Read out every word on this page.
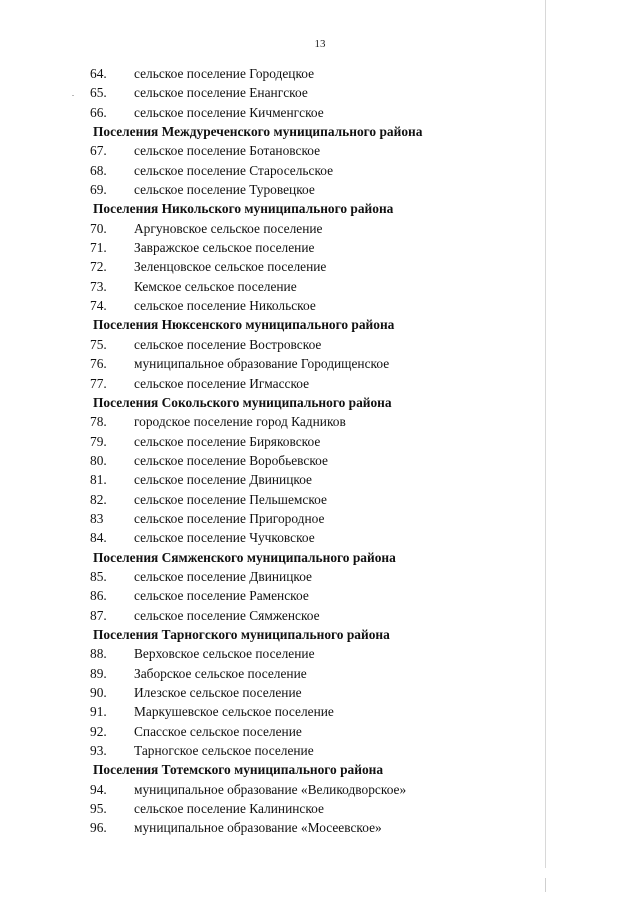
13
64.	сельское поселение Городецкое
65.	сельское поселение Енангское
66.	сельское поселение Кичменгское
Поселения Междуреченского муниципального района
67.	сельское поселение Ботановское
68.	сельское поселение Старосельское
69.	сельское поселение Туровецкое
Поселения Никольского муниципального района
70.	Аргуновское сельское поселение
71.	Завражское сельское поселение
72.	Зеленцовское сельское поселение
73.	Кемское сельское поселение
74.	сельское поселение Никольское
Поселения Нюксенского муниципального района
75.	сельское поселение Востровское
76.	муниципальное образование Городищенское
77.	сельское поселение Игмасское
Поселения Сокольского муниципального района
78.	городское поселение город Кадников
79.	сельское поселение Биряковское
80.	сельское поселение Воробьевское
81.	сельское поселение Двиницкое
82.	сельское поселение Пельшемское
83	сельское поселение Пригородное
84.	сельское поселение Чучковское
Поселения Сямженского муниципального района
85.	сельское поселение Двиницкое
86.	сельское поселение Раменское
87.	сельское поселение Сямженское
Поселения Тарногского муниципального района
88.	Верховское сельское поселение
89.	Заборское сельское поселение
90.	Илезское сельское поселение
91.	Маркушевское сельское поселение
92.	Спасское сельское поселение
93.	Тарногское сельское поселение
Поселения Тотемского муниципального района
94.	муниципальное образование «Великодворское»
95.	сельское поселение Калининское
96.	муниципальное образование «Мосеевское»
